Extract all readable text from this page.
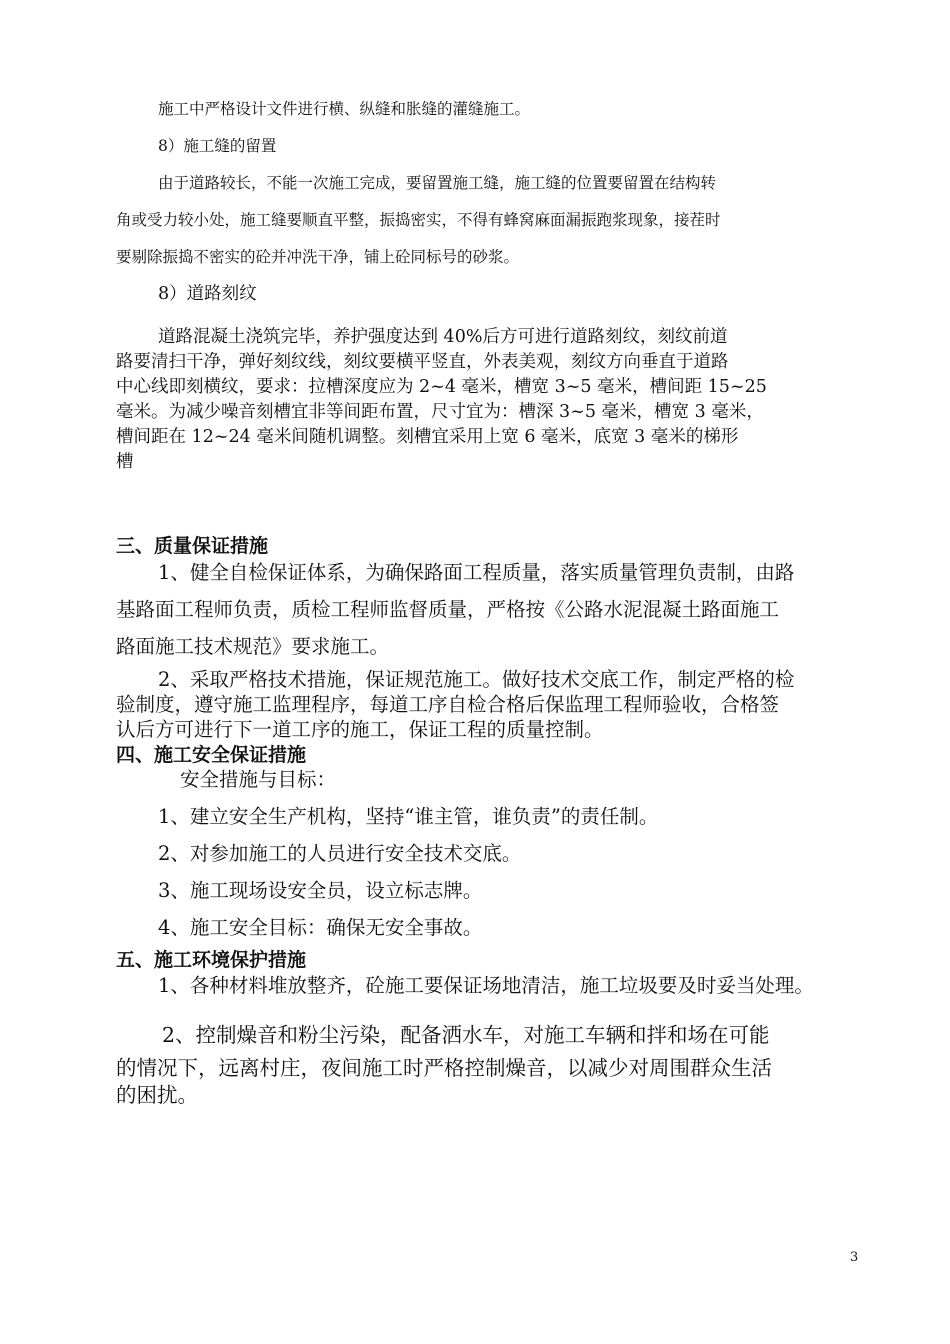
施工中严格设计文件进行横、纵缝和胀缝的灌缝施工。

8）施工缝的留置

由于道路较长，不能一次施工完成，要留置施工缝，施工缝的位置要留置在结构转

角或受力较小处，施工缝要顺直平整，振捣密实，不得有蜂窝麻面漏振跑浆现象，接茬时

要剔除振捣不密实的砼并冲洗干净，铺上砼同标号的砂浆。

8）道路刻纹

道路混凝土浇筑完毕，养护强度达到 40%后方可进行道路刻纹，刻纹前道

路要清扫干净，弹好刻纹线，刻纹要横平竖直，外表美观，刻纹方向垂直于道路

中心线即刻横纹，要求：拉槽深度应为 2~4 毫米，槽宽 3~5 毫米，槽间距 15~25

毫米。为减少噪音刻槽宜非等间距布置，尺寸宜为：槽深 3~5 毫米，槽宽 3 毫米，

槽间距在 12~24 毫米间随机调整。刻槽宜采用上宽 6 毫米，底宽 3 毫米的梯形

槽

三、质量保证措施

1、健全自检保证体系，为确保路面工程质量，落实质量管理负责制，由路

基路面工程师负责，质检工程师监督质量，严格按《公路水泥混凝土路面施工

路面施工技术规范》要求施工。

2、采取严格技术措施，保证规范施工。做好技术交底工作，制定严格的检

验制度，遵守施工监理程序，每道工序自检合格后保监理工程师验收，合格签

认后方可进行下一道工序的施工，保证工程的质量控制。

四、施工安全保证措施

安全措施与目标：

1、建立安全生产机构，坚持“谁主管，谁负责”的责任制。

2、对参加施工的人员进行安全技术交底。

3、施工现场设安全员，设立标志牌。

4、施工安全目标：确保无安全事故。

五、施工环境保护措施

1、各种材料堆放整齐，砼施工要保证场地清洁，施工垃圾要及时妥当处理。

2、控制燥音和粉尘污染，配备洒水车，对施工车辆和拌和场在可能

的情况下，远离村庄，夜间施工时严格控制燥音，以减少对周围群众生活

的困扰。

3
